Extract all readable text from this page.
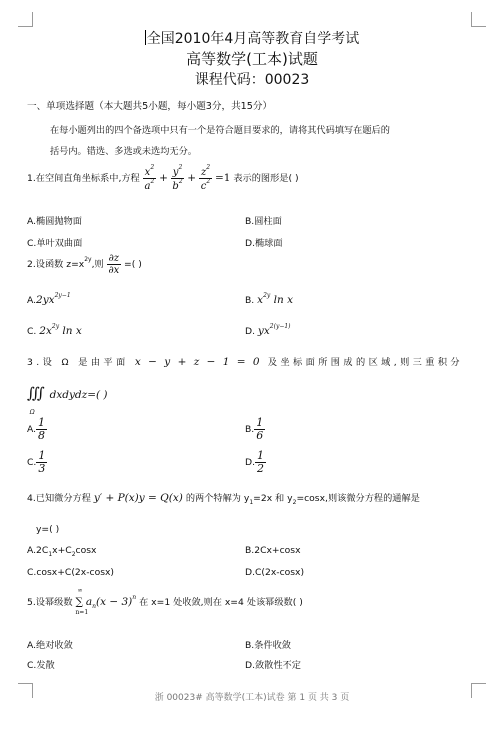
全国2010年4月高等教育自学考试
高等数学(工本)试题
课程代码：00023
一、单项选择题（本大题共5小题，每小题3分，共15分）
在每小题列出的四个备选项中只有一个是符合题目要求的，请将其代码填写在题后的
括号内。错选、多选或未选均无分。
1.在空间直角坐标系中,方程 $\frac{x^2}{a^2} + \frac{y^2}{b^2} + \frac{z^2}{c^2} =1$ 表示的图形是( )
A.椭圆抛物面	B.圆柱面
C.单叶双曲面	D.椭球面
2.设函数 $z=x^{2y}$,则 $\frac{\partial z}{\partial x}$ =( )
$A.2yx^{2y-1}$	B. $x^{2y}$ ln x
C. $2x^{2y}$ ln x	D. $yx^{2(y-1)}$
3.设 Ω 是由平面 x − y + z − 1 = 0 及坐标面所围成的区域,则三重积分
$∭_\Omega$ dxdydz=( )
A. $\frac{1}{8}$	B. $\frac{1}{6}$
C. $\frac{1}{3}$	D. $\frac{1}{2}$
4.已知微分方程 y′ + P(x)y = Q(x) 的两个特解为 $y_1=2x$ 和 $y_2=\cos x$,则该微分方程的通解是
y=( )
$A.2C_1x+C_2\cos x$	B.2Cx+cosx
C.cosx+C(2x-cosx)	D.C(2x-cosx)
5.设幂级数
∞
∑
n=1
$a_n(x - 3)^n$ 在 x=1 处收敛,则在 x=4 处该幂级数( )
A.绝对收敛	B.条件收敛
C.发散	D.敛散性不定
浙 00023# 高等数学(工本)试卷 第 1 页 共 3 页
